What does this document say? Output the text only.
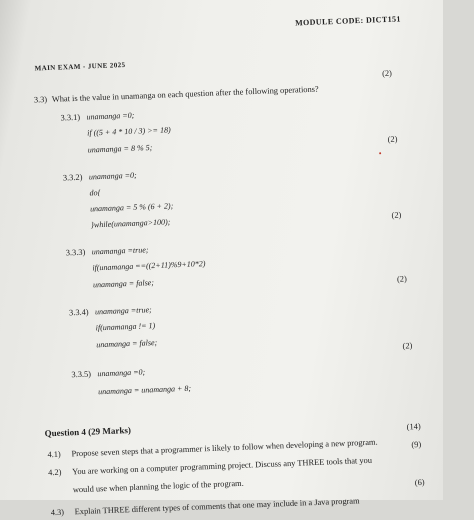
MODULE CODE: DICT151
MAIN EXAM - JUNE 2025
3.3) What is the value in unamanga on each question after the following operations?
(2)
3.3.1) unamanga =0;
if ((5 + 4 * 10 / 3) >= 18)
unamanga = 8 % 5;
(2)
3.3.2) unamanga =0;
do{
unamanga = 5 % (6 + 2);
}while(unamanga>100);
(2)
3.3.3) unamanga =true;
if(unamanga ==((2+11)%9+10*2)
unamanga = false;	(2)
3.3.4) unamanga =true;
if(unamanga != 1)
unamanga = false;	(2)
3.3.5) unamanga =0;
unamanga = unamanga + 8;
Question 4 (29 Marks)
4.1) Propose seven steps that a programmer is likely to follow when developing a new program.
(14)
4.2) You are working on a computer programming project. Discuss any THREE tools that you
would use when planning the logic of the program.
(9)
4.3) Explain THREE different types of comments that one may include in a Java program
(6)
